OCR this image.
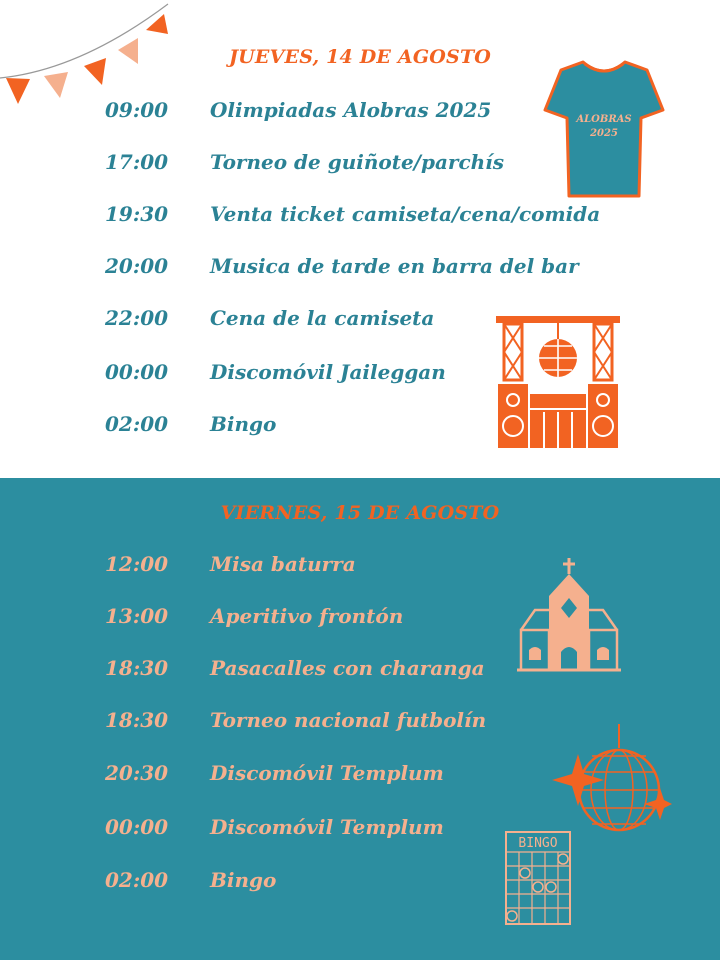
JUEVES, 14 DE AGOSTO
09:00	Olimpiadas Alobras 2025
17:00	Torneo de guiñote/parchís
19:30	Venta ticket camiseta/cena/comida
20:00	Musica de tarde en barra del bar
22:00	Cena de la camiseta
00:00	Discomóvil Jaileggan
02:00	Bingo
ALOBRAS
2025
VIERNES, 15 DE AGOSTO
12:00	Misa baturra
13:00	Aperitivo frontón
18:30	Pasacalles con charanga
18:30	Torneo nacional futbolín
20:30	Discomóvil Templum
00:00	Discomóvil Templum
02:00	Bingo
BINGO
